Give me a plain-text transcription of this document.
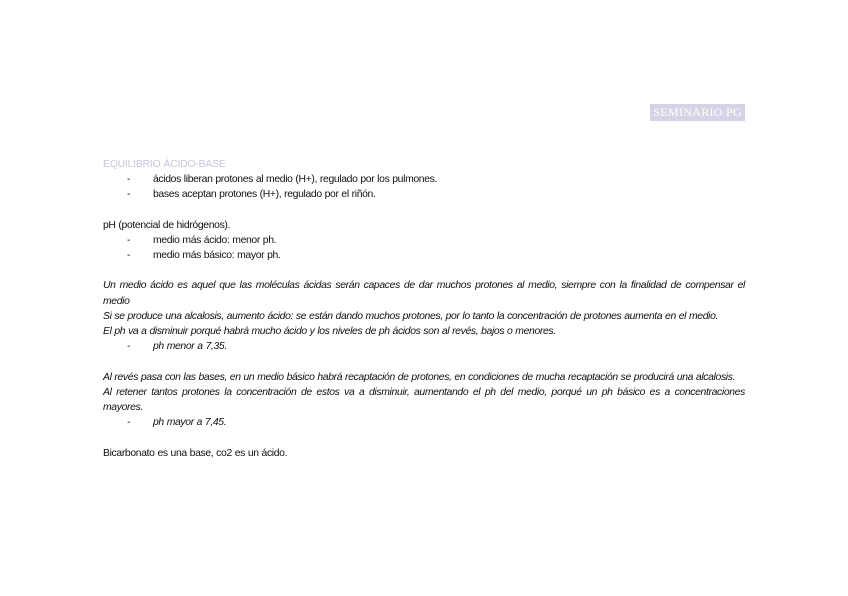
SEMINARIO PG
EQUILIBRIO ÁCIDO-BASE
- ácidos liberan protones al medio (H+), regulado por los pulmones.
- bases aceptan protones (H+), regulado por el riñón.

pH (potencial de hidrógenos).

- medio más ácido: menor ph.
- medio más básico: mayor ph.

Un medio ácido es aquel que las moléculas ácidas serán capaces de dar muchos protones al medio, siempre con la finalidad de compensar el medio

Si se produce una alcalosis, aumento ácido: se están dando muchos protones, por lo tanto la concentración de protones aumenta en el medio.

El ph va a disminuir porqué habrá mucho ácido y los niveles de ph ácidos son al revés, bajos o menores.

- ph menor a 7,35.

Al revés pasa con las bases, en un medio básico habrá recaptación de protones, en condiciones de mucha recaptación se producirá una alcalosis.

Al retener tantos protones la concentración de estos va a disminuir, aumentando el ph del medio, porqué un ph básico es a concentraciones mayores.

- ph mayor a 7,45.

Bicarbonato es una base, co2 es un ácido.
